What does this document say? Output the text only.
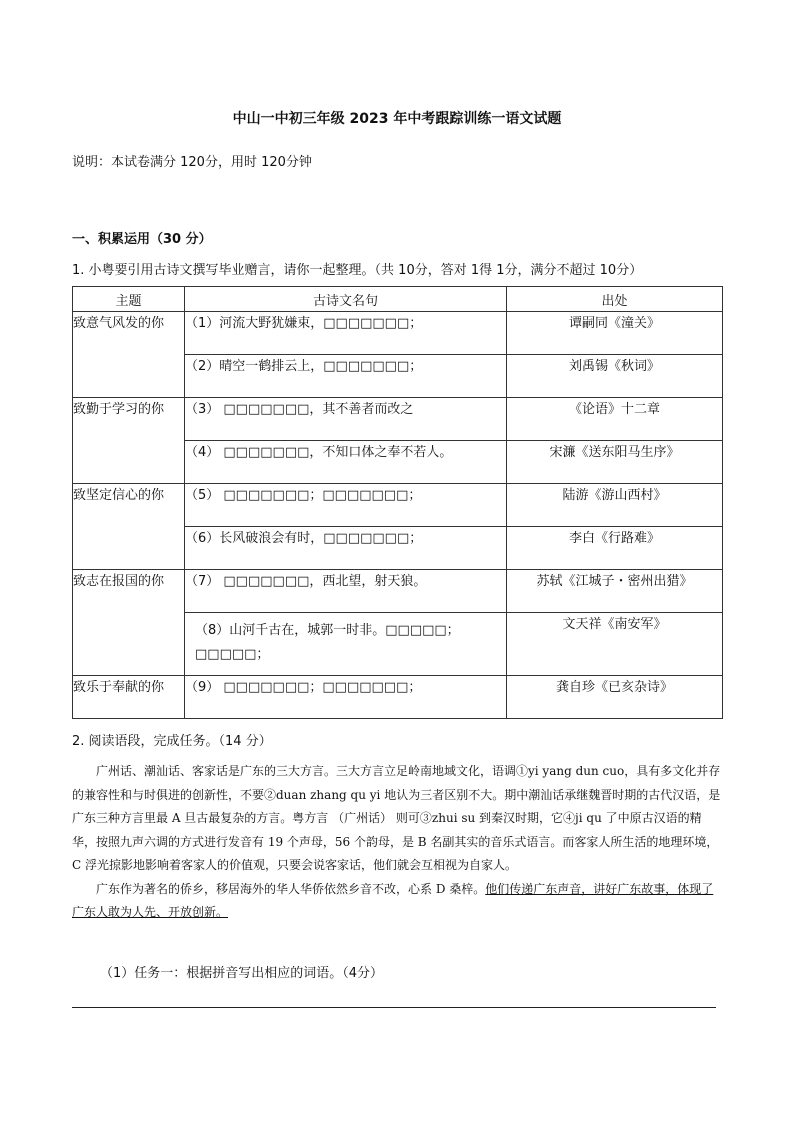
中山一中初三年级 2023 年中考跟踪训练一语文试题
说明：本试卷满分 120分，用时 120分钟
一、积累运用（30 分）
1. 小粤要引用古诗文撰写毕业赠言，请你一起整理。（共 10分，答对 1得 1分，满分不超过 10分）
主题	古诗文名句	出处
致意气风发的你	（1）河流大野犹嫌束，□□□□□□□；	谭嗣同《潼关》
	（2）晴空一鹤排云上，□□□□□□□；	刘禹锡《秋词》
致勤于学习的你	（3） □□□□□□□，其不善者而改之	《论语》十二章
	（4） □□□□□□□，不知口体之奉不若人。	宋濂《送东阳马生序》
致坚定信心的你	（5） □□□□□□□；□□□□□□□；	陆游《游山西村》
	（6）长风破浪会有时，□□□□□□□；	李白《行路难》
致志在报国的你	（7） □□□□□□□，西北望，射天狼。	苏轼《江城子・密州出猎》
	（8）山河千古在，城郭一时非。□□□□□；□□□□□；	文天祥《南安军》
致乐于奉献的你	（9） □□□□□□□；□□□□□□□；	龚自珍《已亥杂诗》
2. 阅读语段，完成任务。（14 分）

广州话、潮汕话、客家话是广东的三大方言。三大方言立足岭南地域文化，语调①yi yang dun cuo，具有多文化并存的兼容性和与时俱进的创新性，不要②duan zhang qu yi 地认为三者区别不大。期中潮汕话承继魏晋时期的古代汉语，是广东三种方言里最 A 旦古最复杂的方言。粤方言 （广州话） 则可③zhui su 到秦汉时期，它④ji qu 了中原古汉语的精华，按照九声六调的方式进行发音有 19 个声母，56 个韵母，是 B 名副其实的音乐式语言。而客家人所生活的地理环境，C 浮光掠影地影响着客家人的价值观，只要会说客家话，他们就会互相视为自家人。

广东作为著名的侨乡，移居海外的华人华侨依然乡音不改，心系 D 桑梓。他们传递广东声音，讲好广东故事，体现了广东人敢为人先、开放创新。

（1）任务一：根据拼音写出相应的词语。（4分）
